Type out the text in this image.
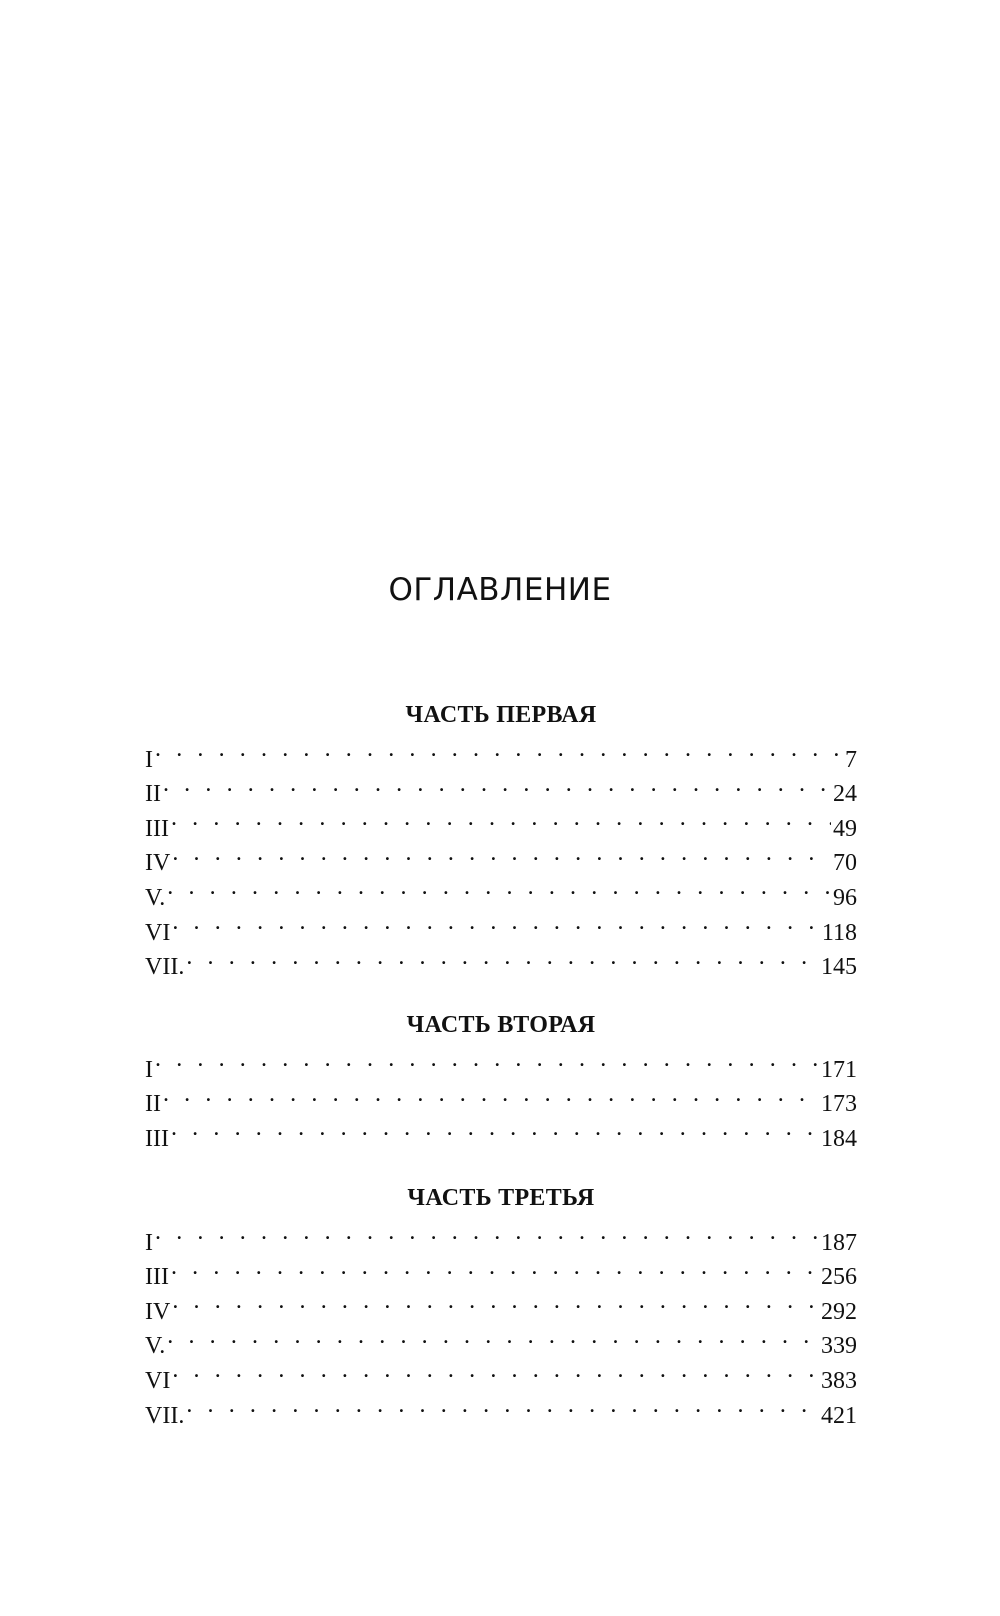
ОГЛАВЛЕНИЕ
ЧАСТЬ ПЕРВАЯ
I . . .	7
II . . .	24
III . . .	49
IV . . .	70
V. . . .	96
VI . . .	118
VII. . . .	145
ЧАСТЬ ВТОРАЯ
I . . .	171
II . . .	173
III . . .	184
ЧАСТЬ ТРЕТЬЯ
I . . .	187
III . . .	256
IV . . .	292
V. . . .	339
VI . . .	383
VII. . . .	421
